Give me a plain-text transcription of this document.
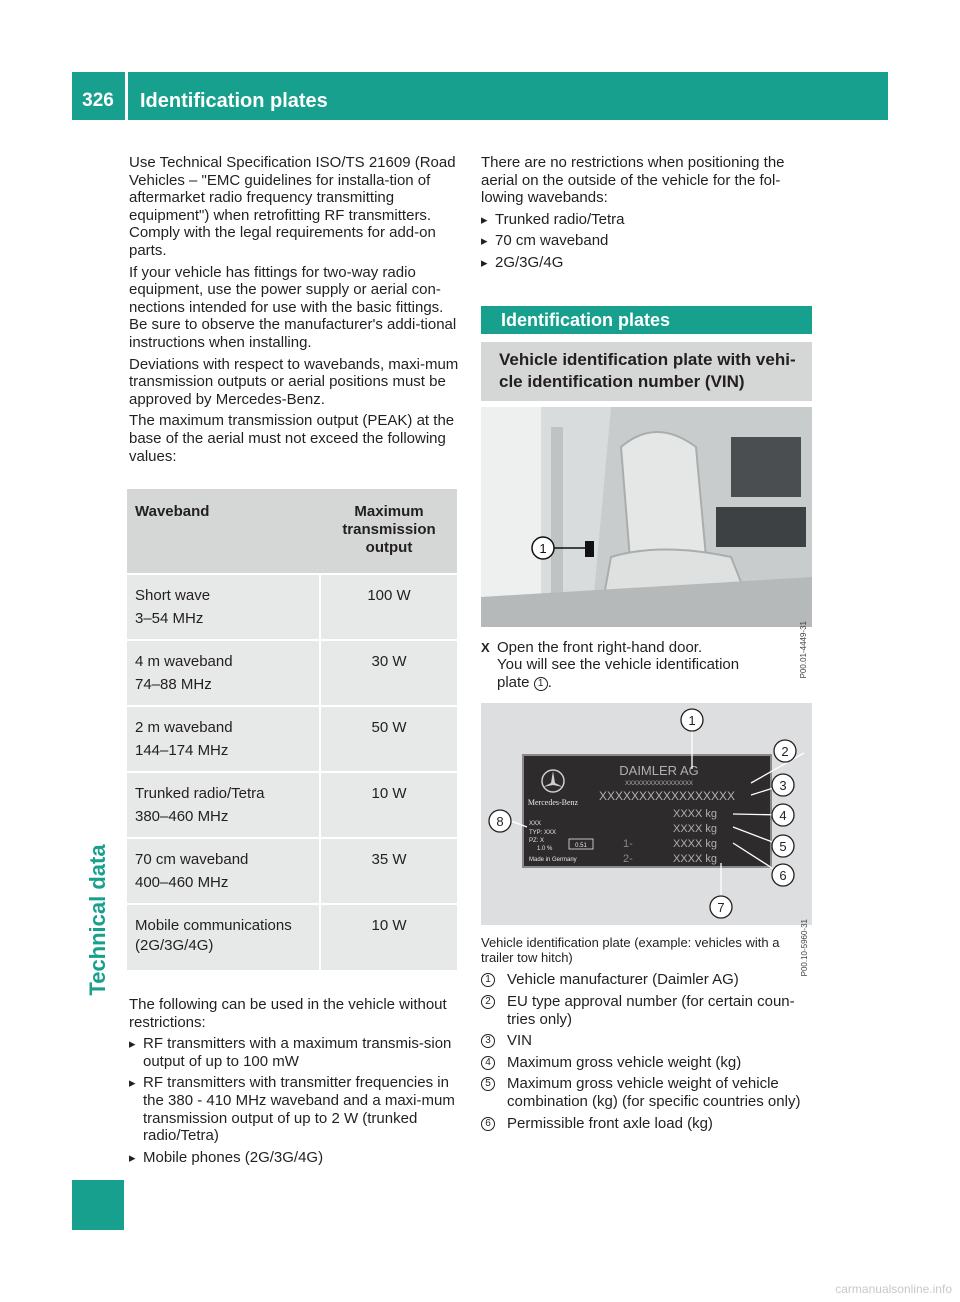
326	Identification plates
Technical data

Use Technical Specification ISO/TS 21609 (Road Vehicles – "EMC guidelines for installa-tion of aftermarket radio frequency transmitting equipment") when retrofitting RF transmitters. Comply with the legal requirements for add-on parts.

If your vehicle has fittings for two-way radio equipment, use the power supply or aerial con-nections intended for use with the basic fittings. Be sure to observe the manufacturer's addi-tional instructions when installing.

Deviations with respect to wavebands, maxi-mum transmission outputs or aerial positions must be approved by Mercedes-Benz.

The maximum transmission output (PEAK) at the base of the aerial must not exceed the following values:

Waveband	Maximum transmission output

Short wave
3–54 MHz	100 W

4 m waveband
74–88 MHz	30 W

2 m waveband
144–174 MHz	50 W

Trunked radio/Tetra
380–460 MHz	10 W

70 cm waveband
400–460 MHz	35 W

Mobile communications (2G/3G/4G)	10 W

The following can be used in the vehicle without restrictions:

▸ RF transmitters with a maximum transmis-sion output of up to 100 mW
▸ RF transmitters with transmitter frequencies in the 380 - 410 MHz waveband and a maxi-mum transmission output of up to 2 W (trunked radio/Tetra)
▸ Mobile phones (2G/3G/4G)

There are no restrictions when positioning the aerial on the outside of the vehicle for the fol-lowing wavebands:

▸ Trunked radio/Tetra
▸ 70 cm waveband
▸ 2G/3G/4G
Identification plates
Vehicle identification plate with vehi-cle identification number (VIN)
1
P00.01-4449-31
X Open the front right-hand door.
You will see the vehicle identification
plate 1 .
Mercedes-Benz
DAIMLER AG
XXXXXXXXXXXXXXXXX
XXXXXXXXXXXXXXXXX
XXXX kg
XXXX kg
XXXX kg
XXXX kg
1-
2-
XXX
TYP: XXX
PZ: X
1.0 %	0.51
Made in Germany
1
2
3
4
5
6
7
8
P00.10-5960-31
Vehicle identification plate (example: vehicles with a trailer tow hitch)
1 Vehicle manufacturer (Daimler AG)
2 EU type approval number (for certain coun-tries only)
3 VIN
4 Maximum gross vehicle weight (kg)
5 Maximum gross vehicle weight of vehicle combination (kg) (for specific countries only)
6 Permissible front axle load (kg)
carmanualsonline.info
